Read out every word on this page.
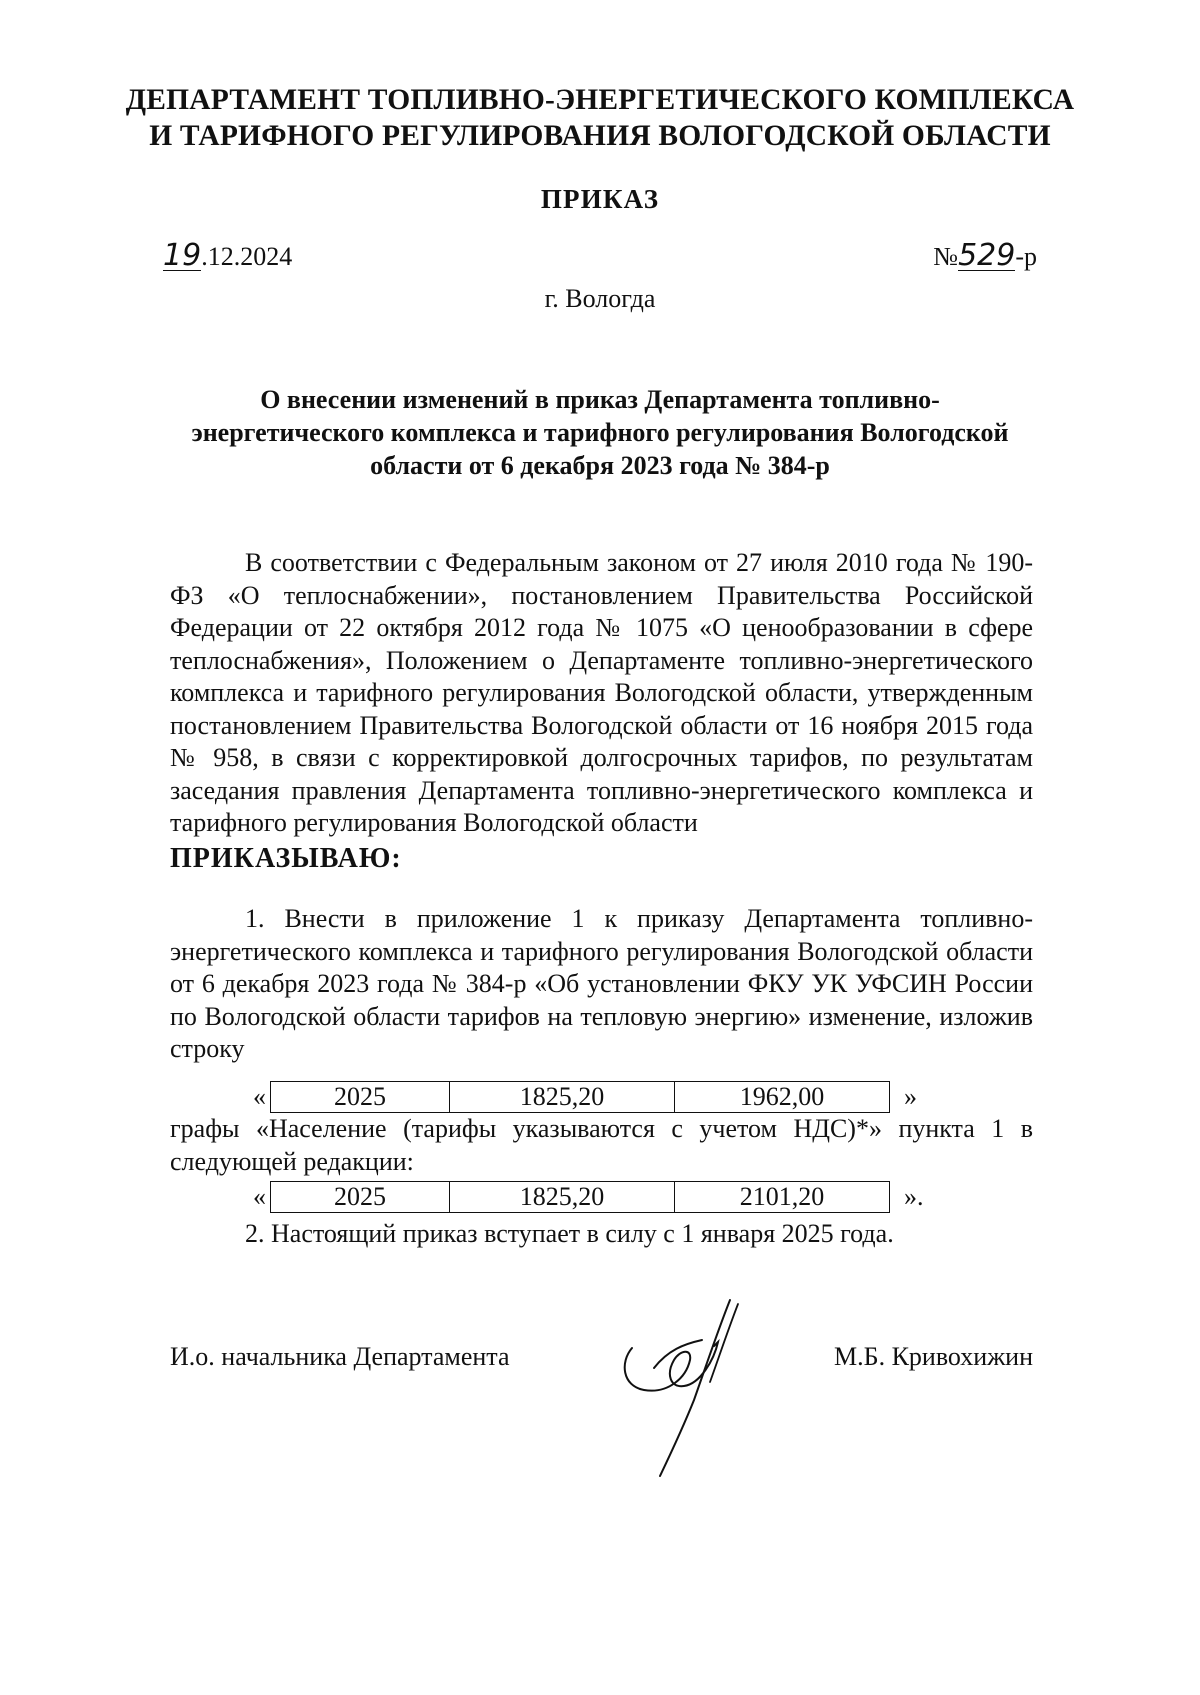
ДЕПАРТАМЕНТ ТОПЛИВНО-ЭНЕРГЕТИЧЕСКОГО КОМПЛЕКСА
И ТАРИФНОГО РЕГУЛИРОВАНИЯ ВОЛОГОДСКОЙ ОБЛАСТИ
ПРИКАЗ
19.12.2024	№529-р
г. Вологда
О внесении изменений в приказ Департамента топливно-
энергетического комплекса и тарифного регулирования Вологодской
области от 6 декабря 2023 года № 384-р
В соответствии с Федеральным законом от 27 июля 2010 года № 190-ФЗ «О теплоснабжении», постановлением Правительства Российской Федерации от 22 октября 2012 года № 1075 «О ценообразовании в сфере теплоснабжения», Положением о Департаменте топливно-энергетического комплекса и тарифного регулирования Вологодской области, утвержденным постановлением Правительства Вологодской области от 16 ноября 2015 года № 958, в связи с корректировкой долгосрочных тарифов, по результатам заседания правления Департамента топливно-энергетического комплекса и тарифного регулирования Вологодской области
ПРИКАЗЫВАЮ:
1. Внести в приложение 1 к приказу Департамента топливно-энергетического комплекса и тарифного регулирования Вологодской области от 6 декабря 2023 года № 384-р «Об установлении ФКУ УК УФСИН России по Вологодской области тарифов на тепловую энергию» изменение, изложив строку
«	2025	1825,20	1962,00	»
графы «Население (тарифы указываются с учетом НДС)*» пункта 1 в следующей редакции:
«	2025	1825,20	2101,20	».
2. Настоящий приказ вступает в силу с 1 января 2025 года.
И.о. начальника Департамента	М.Б. Кривохижин
